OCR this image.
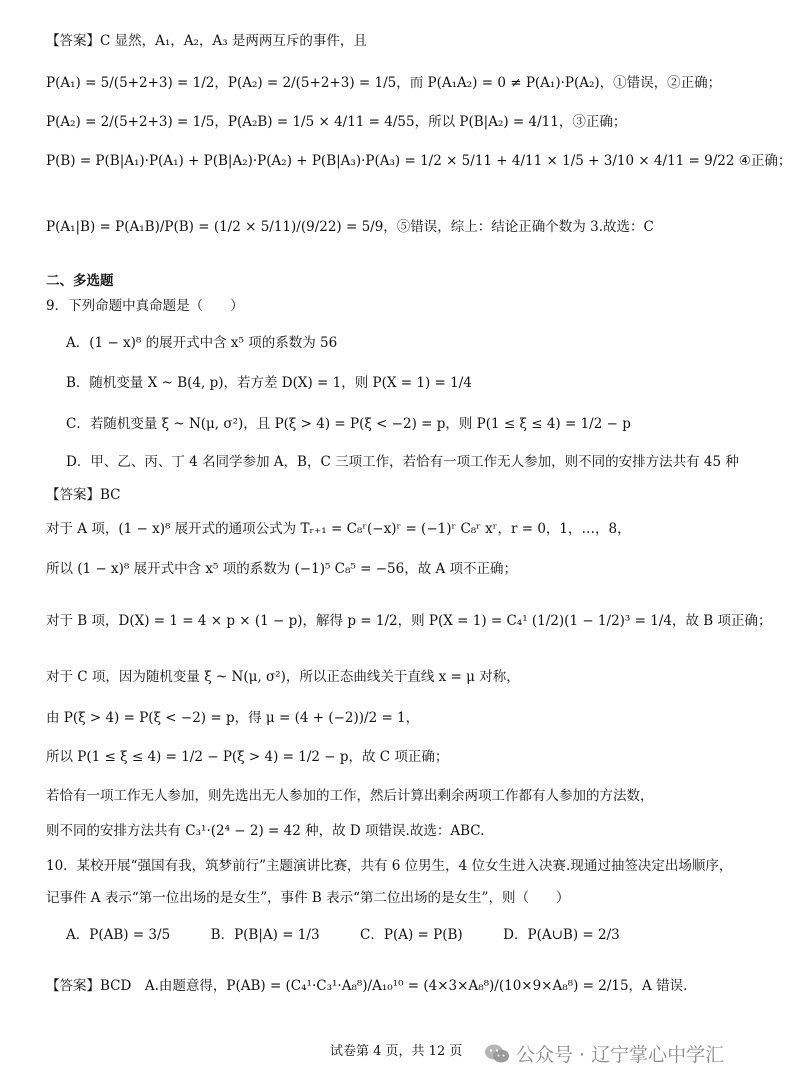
【答案】C 显然，A₁，A₂，A₃ 是两两互斥的事件，且
P(A₁) = 5/(5+2+3) = 1/2，P(A₂) = 2/(5+2+3) = 1/5，而 P(A₁A₂) = 0 ≠ P(A₁)·P(A₂)，①错误，②正确；
P(A₂) = 2/(5+2+3) = 1/5，P(A₂B) = 1/5 × 4/11 = 4/55，所以 P(B|A₂) = 4/11，③正确；
P(B) = P(B|A₁)·P(A₁) + P(B|A₂)·P(A₂) + P(B|A₃)·P(A₃) = 1/2 × 5/11 + 4/11 × 1/5 + 3/10 × 4/11 = 9/22 ④正确；
P(A₁|B) = P(A₁B)/P(B) = (1/2 × 5/11)/(9/22) = 5/9，⑤错误，综上：结论正确个数为 3.故选：C
二、多选题
9．下列命题中真命题是（　　）
A．(1 − x)⁸ 的展开式中含 x⁵ 项的系数为 56
B．随机变量 X ~ B(4, p)，若方差 D(X) = 1，则 P(X = 1) = 1/4
C．若随机变量 ξ ~ N(μ, σ²)，且 P(ξ > 4) = P(ξ < −2) = p，则 P(1 ≤ ξ ≤ 4) = 1/2 − p
D．甲、乙、丙、丁 4 名同学参加 A，B，C 三项工作，若恰有一项工作无人参加，则不同的安排方法共有 45 种
【答案】BC
对于 A 项，(1 − x)⁸ 展开式的通项公式为 Tᵣ₊₁ = C₈ʳ(−x)ʳ = (−1)ʳ C₈ʳ xʳ，r = 0，1，…，8，
所以 (1 − x)⁸ 展开式中含 x⁵ 项的系数为 (−1)⁵ C₈⁵ = −56，故 A 项不正确；
对于 B 项，D(X) = 1 = 4 × p × (1 − p)，解得 p = 1/2，则 P(X = 1) = C₄¹ (1/2)(1 − 1/2)³ = 1/4，故 B 项正确；
对于 C 项，因为随机变量 ξ ~ N(μ, σ²)，所以正态曲线关于直线 x = μ 对称，
由 P(ξ > 4) = P(ξ < −2) = p，得 μ = (4 + (−2))/2 = 1，
所以 P(1 ≤ ξ ≤ 4) = 1/2 − P(ξ > 4) = 1/2 − p，故 C 项正确；
若恰有一项工作无人参加，则先选出无人参加的工作，然后计算出剩余两项工作都有人参加的方法数，
则不同的安排方法共有 C₃¹·(2⁴ − 2) = 42 种，故 D 项错误.故选：ABC.
10．某校开展“强国有我，筑梦前行”主题演讲比赛，共有 6 位男生，4 位女生进入决赛.现通过抽签决定出场顺序，
记事件 A 表示“第一位出场的是女生”，事件 B 表示“第二位出场的是女生”，则（　　）
A．P(AB) = 3/5　　　B．P(B|A) = 1/3　　　C．P(A) = P(B)　　　D．P(A∪B) = 2/3
【答案】BCD　A.由题意得，P(AB) = (C₄¹·C₃¹·A₈⁸)/A₁₀¹⁰ = (4×3×A₈⁸)/(10×9×A₈⁸) = 2/15，A 错误.
试卷第 4 页，共 12 页	公众号 · 辽宁掌心中学汇
